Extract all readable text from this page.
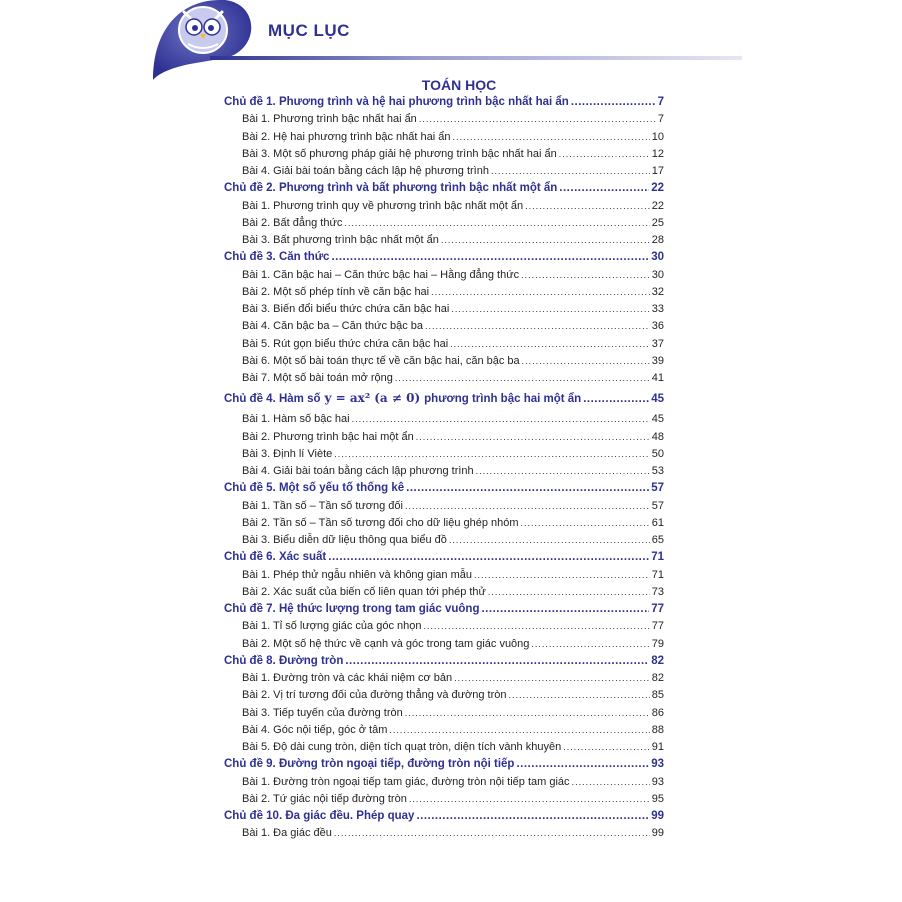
MỤC LỤC
TOÁN HỌC
Chủ đề 1. Phương trình và hệ hai phương trình bậc nhất hai ẩn .....	7
Bài 1. Phương trình bậc nhất hai ẩn .....	7
Bài 2. Hệ hai phương trình bậc nhất hai ẩn .....	10
Bài 3. Một số phương pháp giải hệ phương trình bậc nhất hai ẩn .....	12
Bài 4. Giải bài toán bằng cách lập hệ phương trình .....	17
Chủ đề 2. Phương trình và bất phương trình bậc nhất một ẩn .....	22
Bài 1. Phương trình quy về phương trình bậc nhất một ẩn .....	22
Bài 2. Bất đẳng thức .....	25
Bài 3. Bất phương trình bậc nhất một ẩn .....	28
Chủ đề 3. Căn thức .....	30
Bài 1. Căn bậc hai – Căn thức bậc hai – Hằng đẳng thức .....	30
Bài 2. Một số phép tính về căn bậc hai .....	32
Bài 3. Biến đổi biểu thức chứa căn bậc hai .....	33
Bài 4. Căn bậc ba – Căn thức bậc ba .....	36
Bài 5. Rút gọn biểu thức chứa căn bậc hai .....	37
Bài 6. Một số bài toán thực tế về căn bậc hai, căn bậc ba .....	39
Bài 7. Một số bài toán mở rộng .....	41
Chủ đề 4. Hàm số y = ax² (a ≠ 0) phương trình bậc hai một ẩn .....	45
Bài 1. Hàm số bậc hai .....	45
Bài 2. Phương trình bậc hai một ẩn .....	48
Bài 3. Định lí Viète .....	50
Bài 4. Giải bài toán bằng cách lập phương trình .....	53
Chủ đề 5. Một số yếu tố thống kê .....	57
Bài 1. Tần số – Tần số tương đối .....	57
Bài 2. Tần số – Tần số tương đối cho dữ liệu ghép nhóm .....	61
Bài 3. Biểu diễn dữ liệu thông qua biểu đồ .....	65
Chủ đề 6. Xác suất .....	71
Bài 1. Phép thử ngẫu nhiên và không gian mẫu .....	71
Bài 2. Xác suất của biến cố liên quan tới phép thử .....	73
Chủ đề 7. Hệ thức lượng trong tam giác vuông .....	77
Bài 1. Tỉ số lượng giác của góc nhọn .....	77
Bài 2. Một số hệ thức về cạnh và góc trong tam giác vuông .....	79
Chủ đề 8. Đường tròn .....	82
Bài 1. Đường tròn và các khái niệm cơ bản .....	82
Bài 2. Vị trí tương đối của đường thẳng và đường tròn .....	85
Bài 3. Tiếp tuyến của đường tròn .....	86
Bài 4. Góc nội tiếp, góc ở tâm .....	88
Bài 5. Độ dài cung tròn, diện tích quạt tròn, diện tích vành khuyên .....	91
Chủ đề 9. Đường tròn ngoại tiếp, đường tròn nội tiếp .....	93
Bài 1. Đường tròn ngoại tiếp tam giác, đường tròn nội tiếp tam giác .....	93
Bài 2. Tứ giác nội tiếp đường tròn .....	95
Chủ đề 10. Đa giác đều. Phép quay .....	99
Bài 1. Đa giác đều .....	99
